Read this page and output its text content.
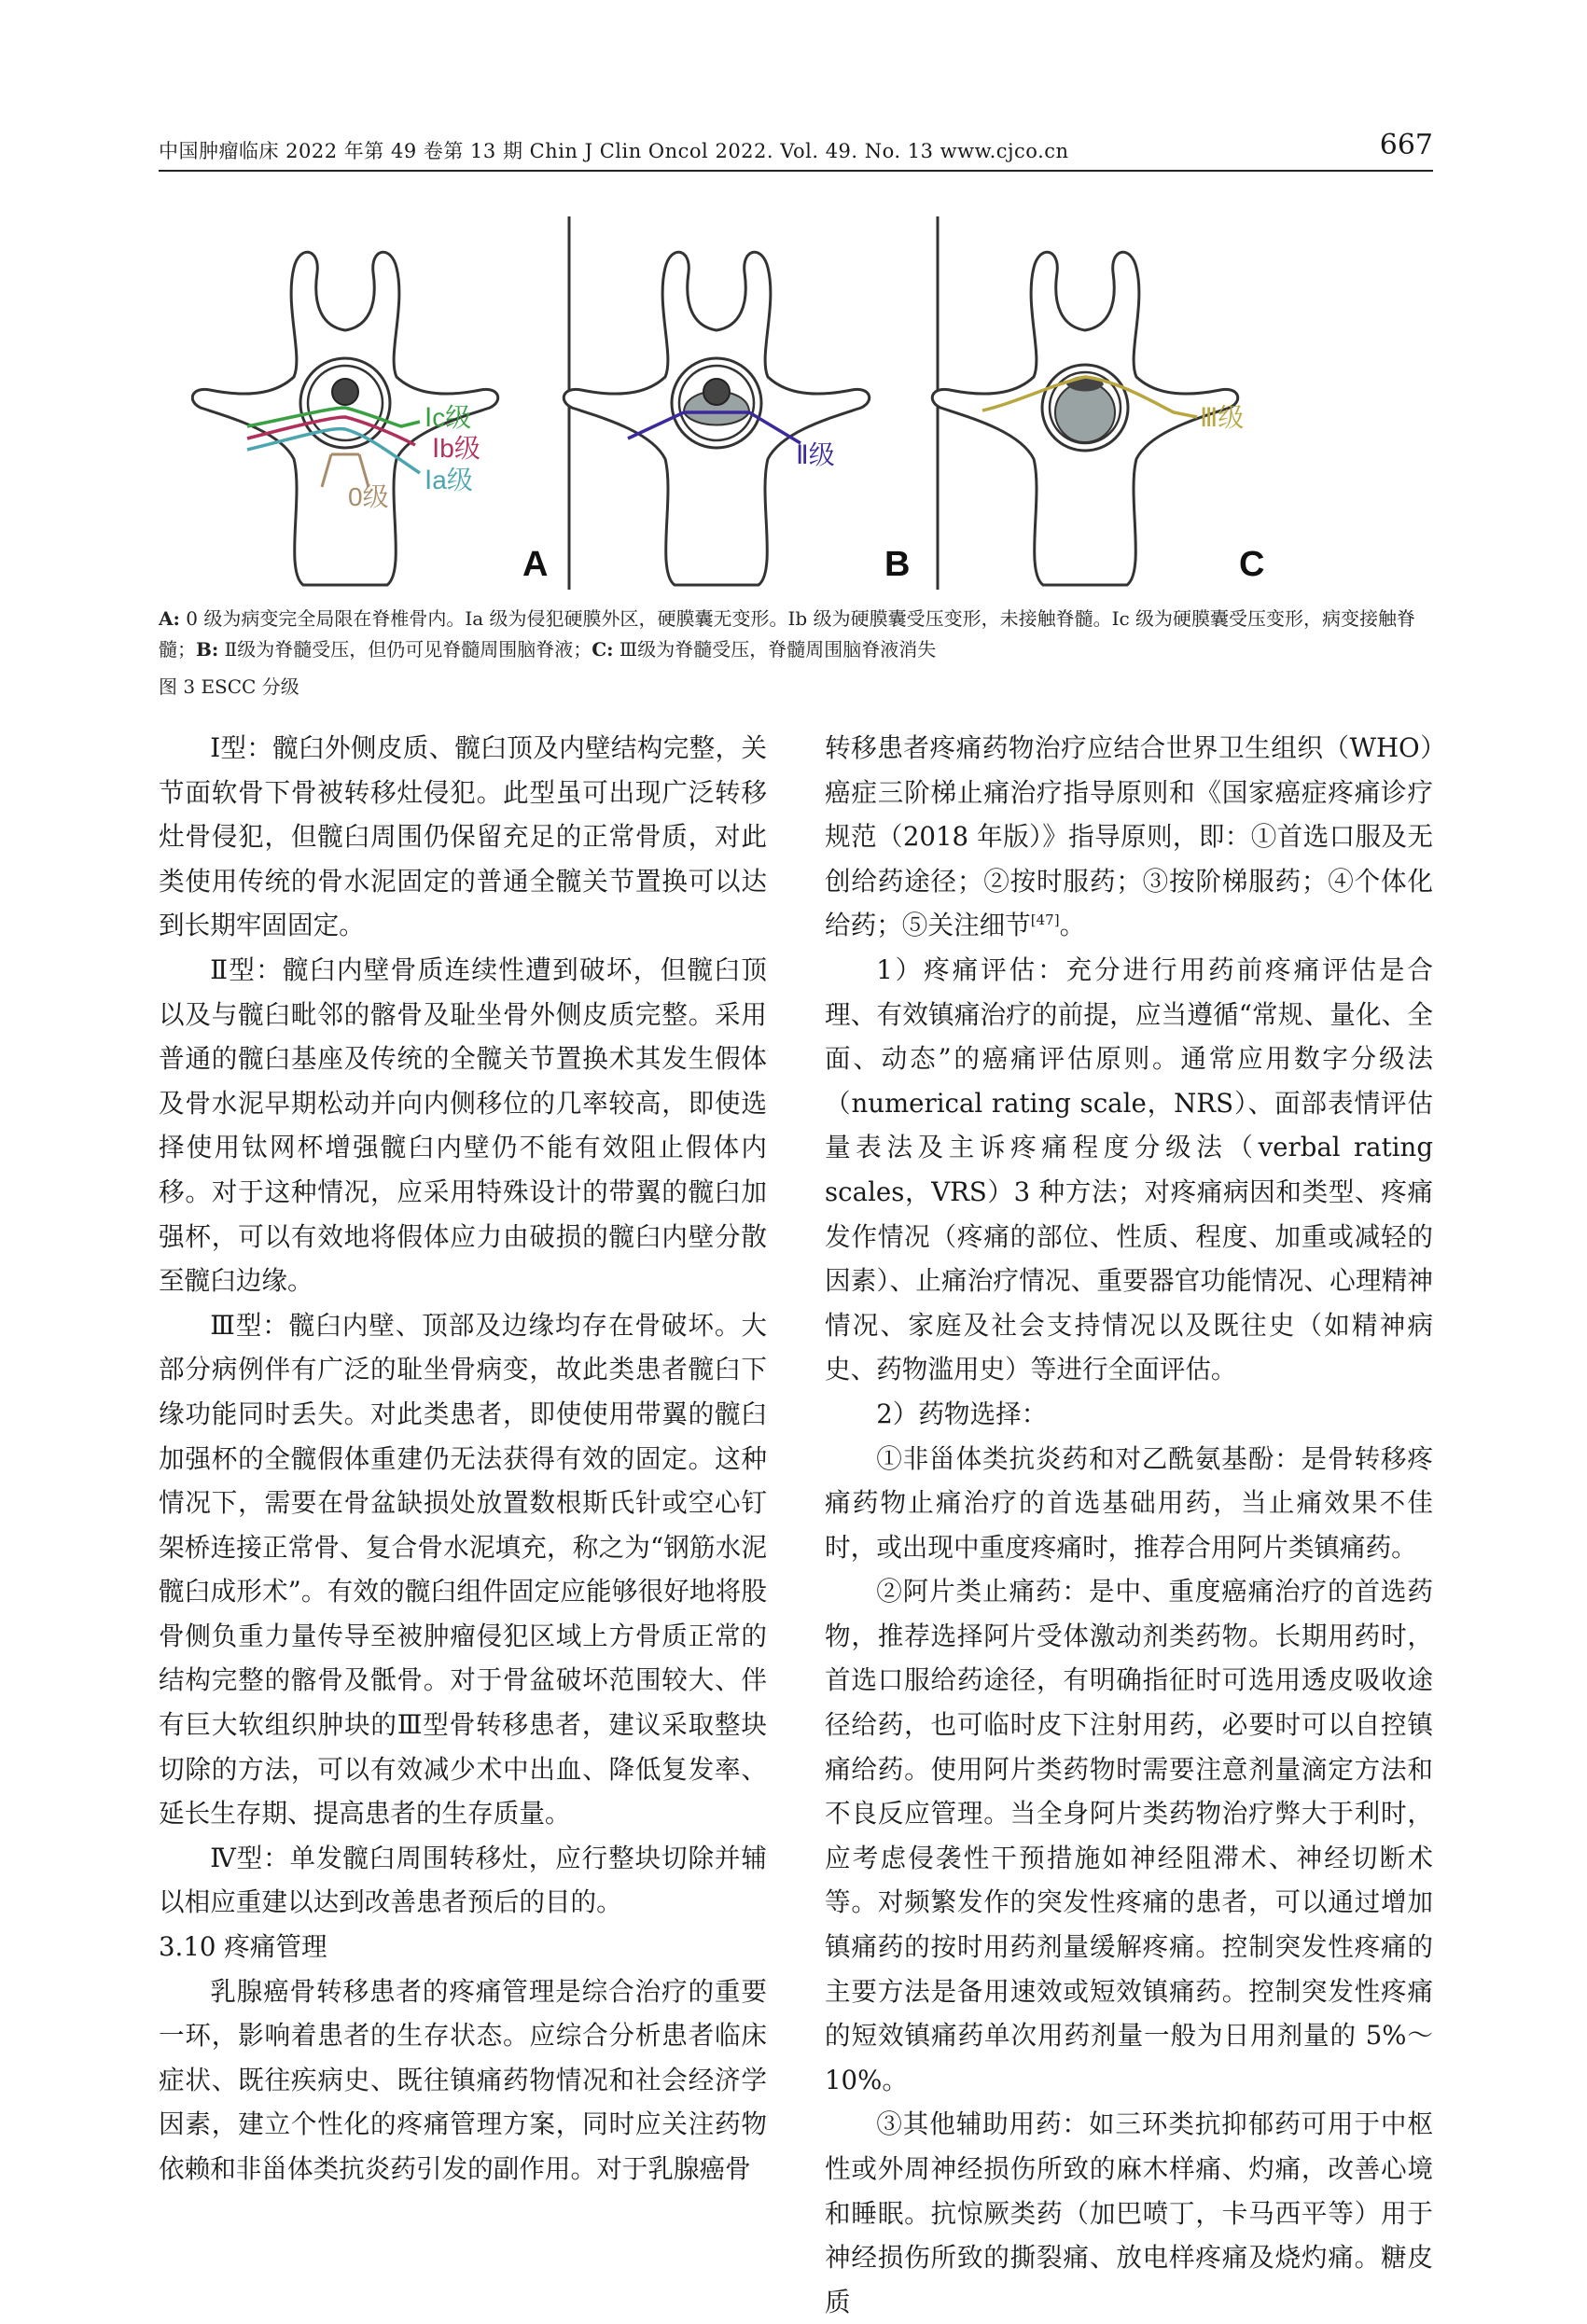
中国肿瘤临床 2022 年第 49 卷第 13 期 Chin J Clin Oncol 2022. Vol. 49. No. 13 www.cjco.cn	667
Ⅰc级
Ⅰb级
Ⅰa级
0级
A
Ⅱ级
B
Ⅲ级
C
A: 0 级为病变完全局限在脊椎骨内。Ⅰa 级为侵犯硬膜外区，硬膜囊无变形。Ⅰb 级为硬膜囊受压变形，未接触脊髓。Ⅰc 级为硬膜囊受压变形，病变接触脊髓；B: Ⅱ级为脊髓受压，但仍可见脊髓周围脑脊液；C: Ⅲ级为脊髓受压，脊髓周围脑脊液消失
图 3 ESCC 分级

Ⅰ型：髋臼外侧皮质、髋臼顶及内壁结构完整，关节面软骨下骨被转移灶侵犯。此型虽可出现广泛转移灶骨侵犯，但髋臼周围仍保留充足的正常骨质，对此类使用传统的骨水泥固定的普通全髋关节置换可以达到长期牢固固定。

Ⅱ型：髋臼内壁骨质连续性遭到破坏，但髋臼顶以及与髋臼毗邻的髂骨及耻坐骨外侧皮质完整。采用普通的髋臼基座及传统的全髋关节置换术其发生假体及骨水泥早期松动并向内侧移位的几率较高，即使选择使用钛网杯增强髋臼内壁仍不能有效阻止假体内移。对于这种情况，应采用特殊设计的带翼的髋臼加强杯，可以有效地将假体应力由破损的髋臼内壁分散至髋臼边缘。

Ⅲ型：髋臼内壁、顶部及边缘均存在骨破坏。大部分病例伴有广泛的耻坐骨病变，故此类患者髋臼下缘功能同时丢失。对此类患者，即使使用带翼的髋臼加强杯的全髋假体重建仍无法获得有效的固定。这种情况下，需要在骨盆缺损处放置数根斯氏针或空心钉架桥连接正常骨、复合骨水泥填充，称之为“钢筋水泥髋臼成形术”。有效的髋臼组件固定应能够很好地将股骨侧负重力量传导至被肿瘤侵犯区域上方骨质正常的结构完整的髂骨及骶骨。对于骨盆破坏范围较大、伴有巨大软组织肿块的Ⅲ型骨转移患者，建议采取整块切除的方法，可以有效减少术中出血、降低复发率、延长生存期、提高患者的生存质量。

Ⅳ型：单发髋臼周围转移灶，应行整块切除并辅以相应重建以达到改善患者预后的目的。

3.10 疼痛管理

乳腺癌骨转移患者的疼痛管理是综合治疗的重要一环，影响着患者的生存状态。应综合分析患者临床症状、既往疾病史、既往镇痛药物情况和社会经济学因素，建立个性化的疼痛管理方案，同时应关注药物依赖和非甾体类抗炎药引发的副作用。对于乳腺癌骨

转移患者疼痛药物治疗应结合世界卫生组织（WHO）癌症三阶梯止痛治疗指导原则和《国家癌症疼痛诊疗规范（2018 年版）》指导原则，即：①首选口服及无创给药途径；②按时服药；③按阶梯服药；④个体化给药；⑤关注细节[47]。

1）疼痛评估：充分进行用药前疼痛评估是合理、有效镇痛治疗的前提，应当遵循“常规、量化、全面、动态”的癌痛评估原则。通常应用数字分级法（numerical rating scale，NRS）、面部表情评估量表法及主诉疼痛程度分级法（verbal rating scales，VRS）3 种方法；对疼痛病因和类型、疼痛发作情况（疼痛的部位、性质、程度、加重或减轻的因素）、止痛治疗情况、重要器官功能情况、心理精神情况、家庭及社会支持情况以及既往史（如精神病史、药物滥用史）等进行全面评估。

2）药物选择：

①非甾体类抗炎药和对乙酰氨基酚：是骨转移疼痛药物止痛治疗的首选基础用药，当止痛效果不佳时，或出现中重度疼痛时，推荐合用阿片类镇痛药。

②阿片类止痛药：是中、重度癌痛治疗的首选药物，推荐选择阿片受体激动剂类药物。长期用药时，首选口服给药途径，有明确指征时可选用透皮吸收途径给药，也可临时皮下注射用药，必要时可以自控镇痛给药。使用阿片类药物时需要注意剂量滴定方法和不良反应管理。当全身阿片类药物治疗弊大于利时，应考虑侵袭性干预措施如神经阻滞术、神经切断术等。对频繁发作的突发性疼痛的患者，可以通过增加镇痛药的按时用药剂量缓解疼痛。控制突发性疼痛的主要方法是备用速效或短效镇痛药。控制突发性疼痛的短效镇痛药单次用药剂量一般为日用剂量的 5%～10%。

③其他辅助用药：如三环类抗抑郁药可用于中枢性或外周神经损伤所致的麻木样痛、灼痛，改善心境和睡眠。抗惊厥类药（加巴喷丁，卡马西平等）用于神经损伤所致的撕裂痛、放电样疼痛及烧灼痛。糖皮质
